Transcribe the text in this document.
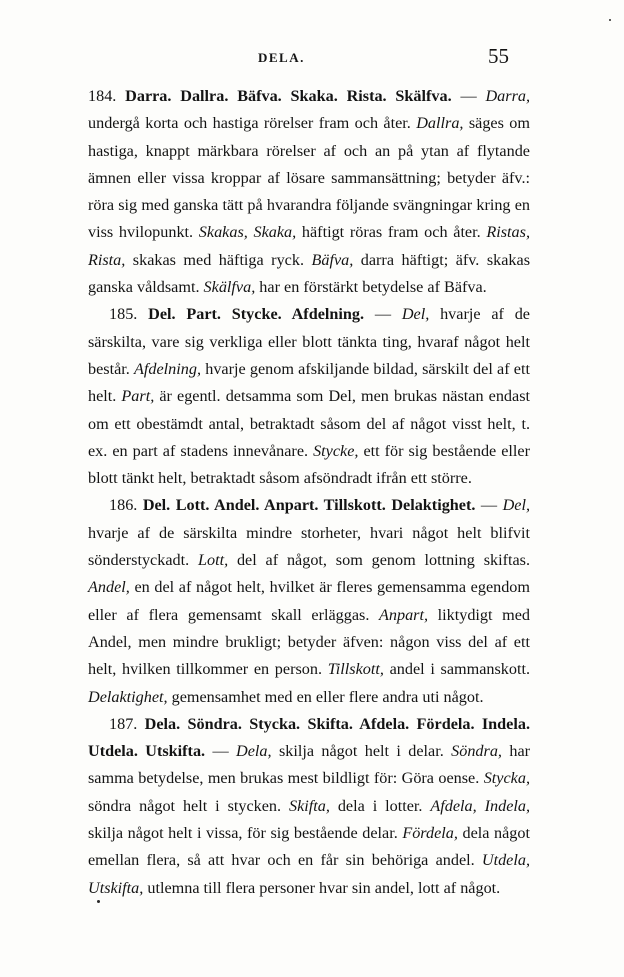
DELA.	55

184. Darra. Dallra. Bäfva. Skaka. Rista. Skälfva. — Darra, undergå korta och hastiga rörelser fram och åter. Dallra, säges om hastiga, knappt märkbara rörelser af och an på ytan af flytande ämnen eller vissa kroppar af lösare sammansättning; betyder äfv.: röra sig med ganska tätt på hvarandra följande svängningar kring en viss hvilopunkt. Skakas, Skaka, häftigt röras fram och åter. Ristas, Rista, skakas med häftiga ryck. Bäfva, darra häftigt; äfv. skakas ganska våldsamt. Skälfva, har en förstärkt betydelse af Bäfva.

185. Del. Part. Stycke. Afdelning. — Del, hvarje af de särskilta, vare sig verkliga eller blott tänkta ting, hvaraf något helt består. Afdelning, hvarje genom afskiljande bildad, särskilt del af ett helt. Part, är egentl. detsamma som Del, men brukas nästan endast om ett obestämdt antal, betraktadt såsom del af något visst helt, t. ex. en part af stadens innevånare. Stycke, ett för sig bestående eller blott tänkt helt, betraktadt såsom afsöndradt ifrån ett större.

186. Del. Lott. Andel. Anpart. Tillskott. Delaktighet. — Del, hvarje af de särskilta mindre storheter, hvari något helt blifvit sönderstyckadt. Lott, del af något, som genom lottning skiftas. Andel, en del af något helt, hvilket är fleres gemensamma egendom eller af flera gemensamt skall erläggas. Anpart, liktydigt med Andel, men mindre brukligt; betyder äfven: någon viss del af ett helt, hvilken tillkommer en person. Tillskott, andel i sammanskott. Delaktighet, gemensamhet med en eller flere andra uti något.

187. Dela. Söndra. Stycka. Skifta. Afdela. Fördela. Indela. Utdela. Utskifta. — Dela, skilja något helt i delar. Söndra, har samma betydelse, men brukas mest bildligt för: Göra oense. Stycka, söndra något helt i stycken. Skifta, dela i lotter. Afdela, Indela, skilja något helt i vissa, för sig bestående delar. Fördela, dela något emellan flera, så att hvar och en får sin behöriga andel. Utdela, Utskifta, utlemna till flera personer hvar sin andel, lott af något.
